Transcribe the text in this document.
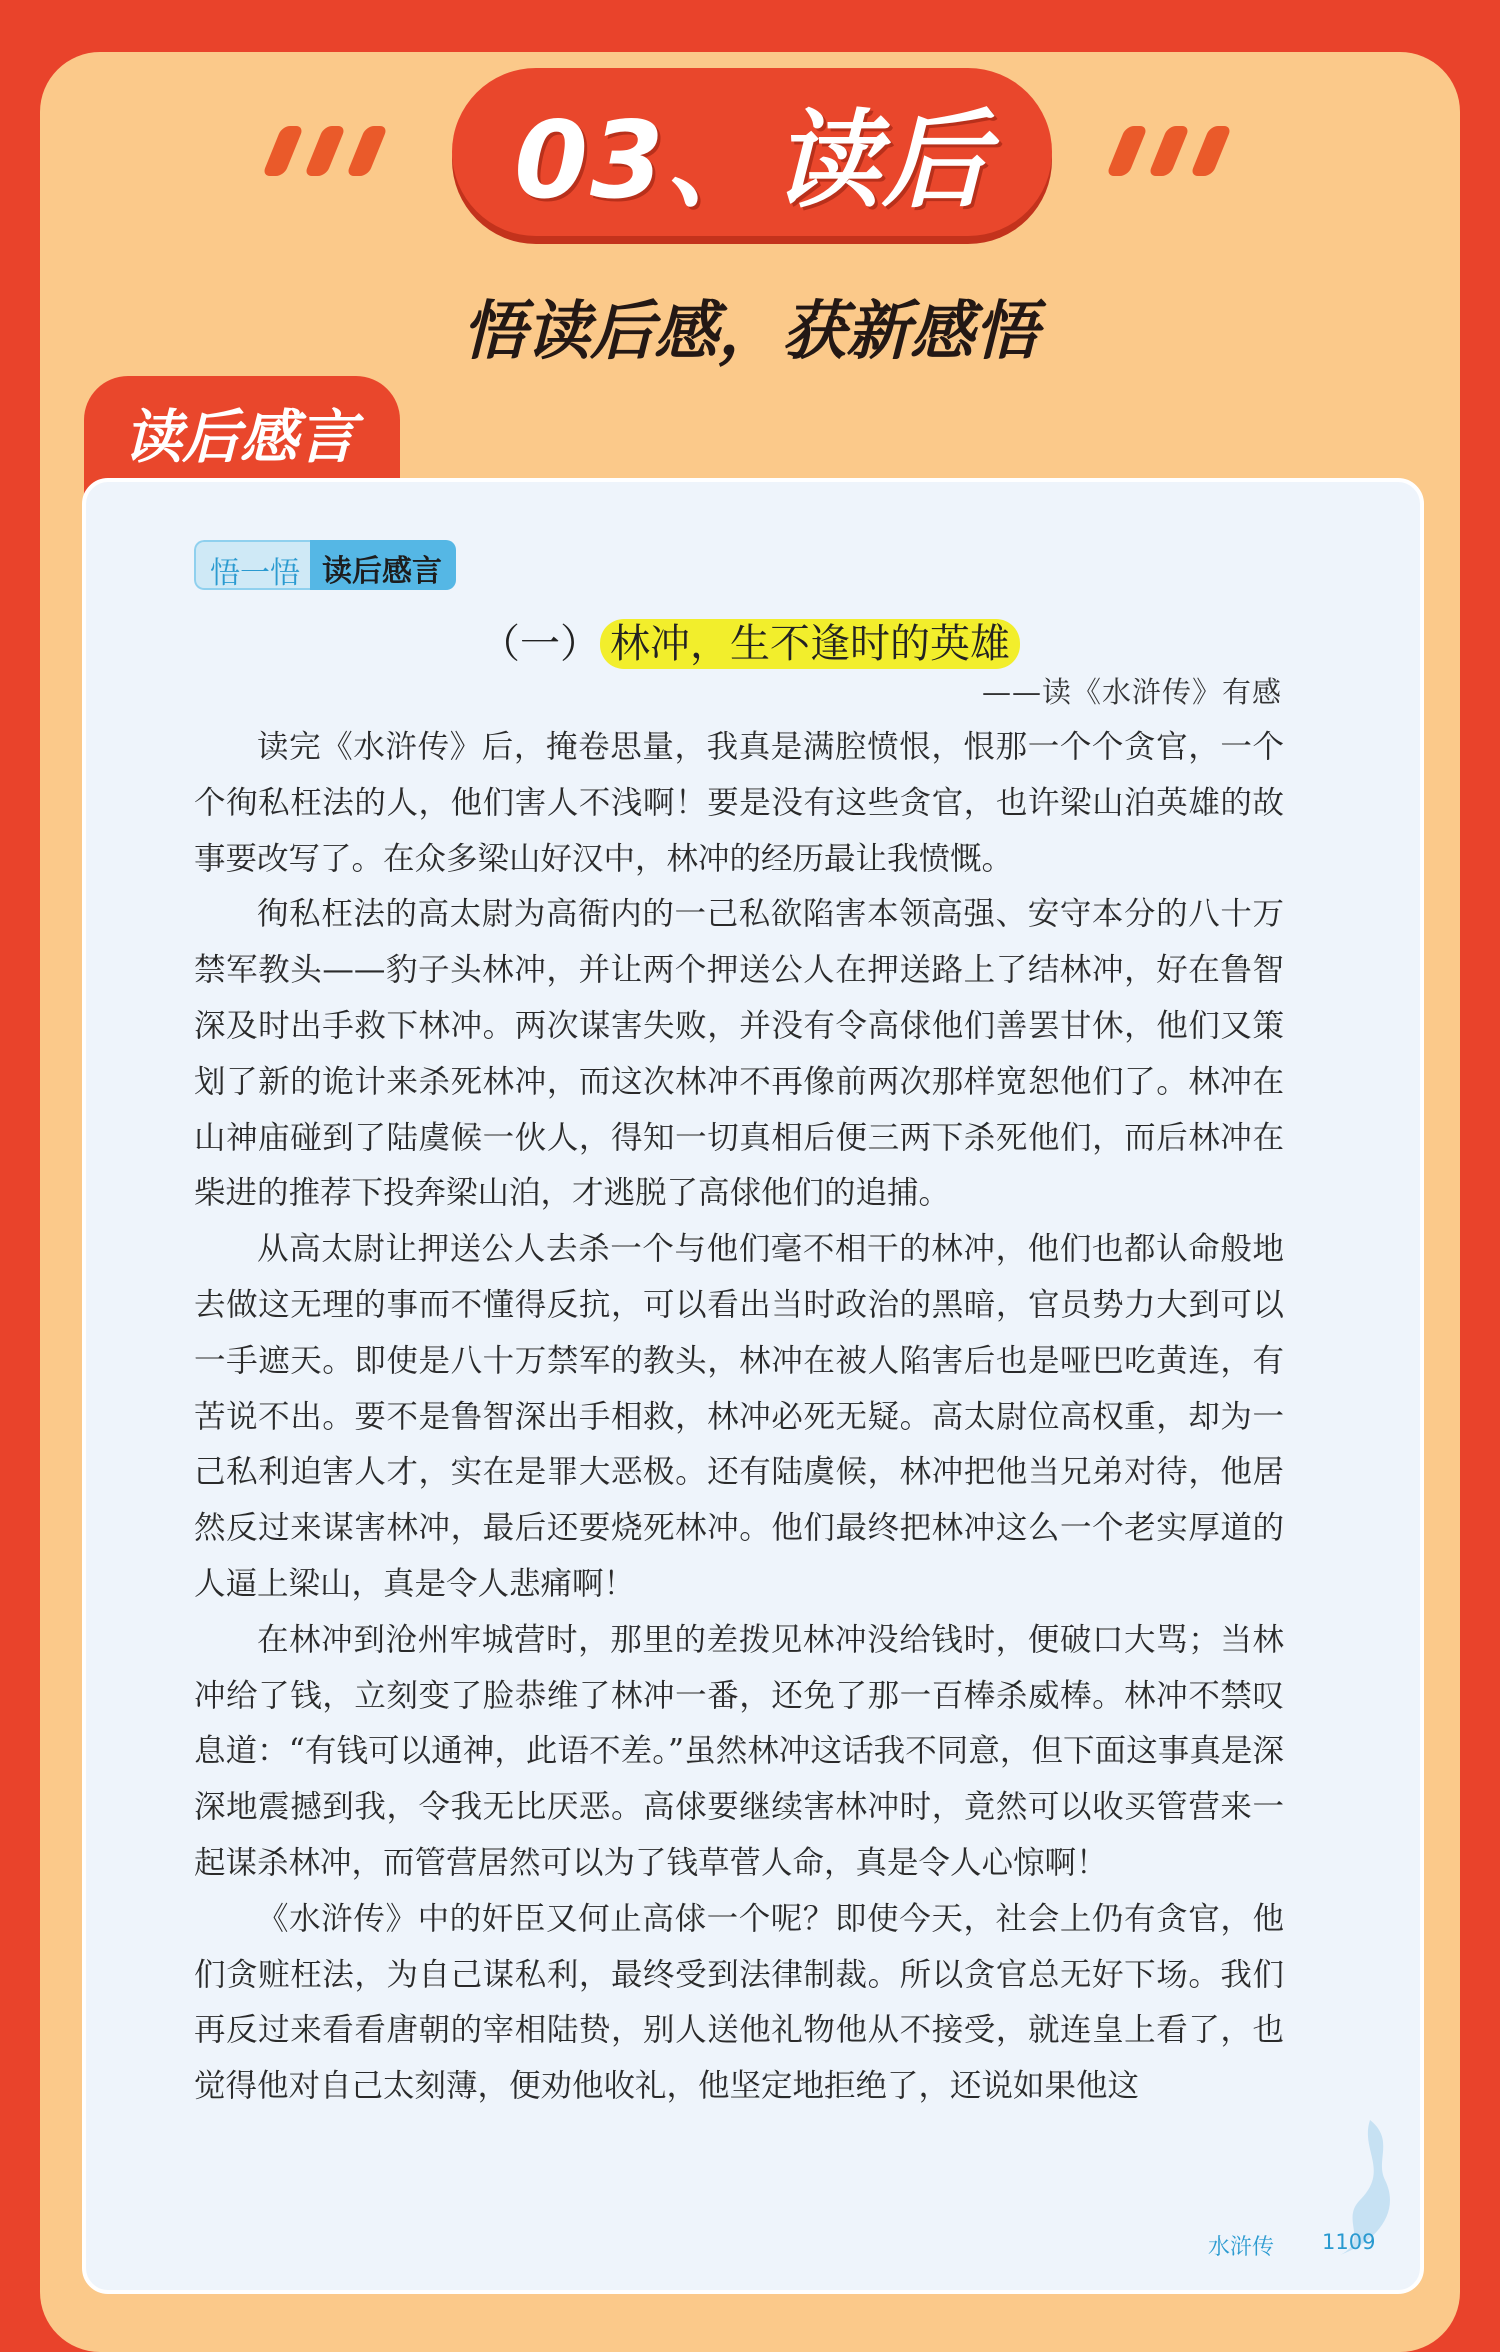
03、读后
悟读后感，获新感悟
读后感言
悟一悟 读后感言
（一） 林冲，生不逢时的英雄
——读《水浒传》有感

读完《水浒传》后，掩卷思量，我真是满腔愤恨，恨那一个个贪官，一个个徇私枉法的人，他们害人不浅啊！要是没有这些贪官，也许梁山泊英雄的故事要改写了。在众多梁山好汉中，林冲的经历最让我愤慨。

徇私枉法的高太尉为高衙内的一己私欲陷害本领高强、安守本分的八十万禁军教头——豹子头林冲，并让两个押送公人在押送路上了结林冲，好在鲁智深及时出手救下林冲。两次谋害失败，并没有令高俅他们善罢甘休，他们又策划了新的诡计来杀死林冲，而这次林冲不再像前两次那样宽恕他们了。林冲在山神庙碰到了陆虞候一伙人，得知一切真相后便三两下杀死他们，而后林冲在柴进的推荐下投奔梁山泊，才逃脱了高俅他们的追捕。

从高太尉让押送公人去杀一个与他们毫不相干的林冲，他们也都认命般地去做这无理的事而不懂得反抗，可以看出当时政治的黑暗，官员势力大到可以一手遮天。即使是八十万禁军的教头，林冲在被人陷害后也是哑巴吃黄连，有苦说不出。要不是鲁智深出手相救，林冲必死无疑。高太尉位高权重，却为一己私利迫害人才，实在是罪大恶极。还有陆虞候，林冲把他当兄弟对待，他居然反过来谋害林冲，最后还要烧死林冲。他们最终把林冲这么一个老实厚道的人逼上梁山，真是令人悲痛啊！

在林冲到沧州牢城营时，那里的差拨见林冲没给钱时，便破口大骂；当林冲给了钱，立刻变了脸恭维了林冲一番，还免了那一百棒杀威棒。林冲不禁叹息道：“有钱可以通神，此语不差。”虽然林冲这话我不同意，但下面这事真是深深地震撼到我，令我无比厌恶。高俅要继续害林冲时，竟然可以收买管营来一起谋杀林冲，而管营居然可以为了钱草菅人命，真是令人心惊啊！

《水浒传》中的奸臣又何止高俅一个呢？即使今天，社会上仍有贪官，他们贪赃枉法，为自己谋私利，最终受到法律制裁。所以贪官总无好下场。我们再反过来看看唐朝的宰相陆贽，别人送他礼物他从不接受，就连皇上看了，也觉得他对自己太刻薄，便劝他收礼，他坚定地拒绝了，还说如果他这

水浒传 1109
